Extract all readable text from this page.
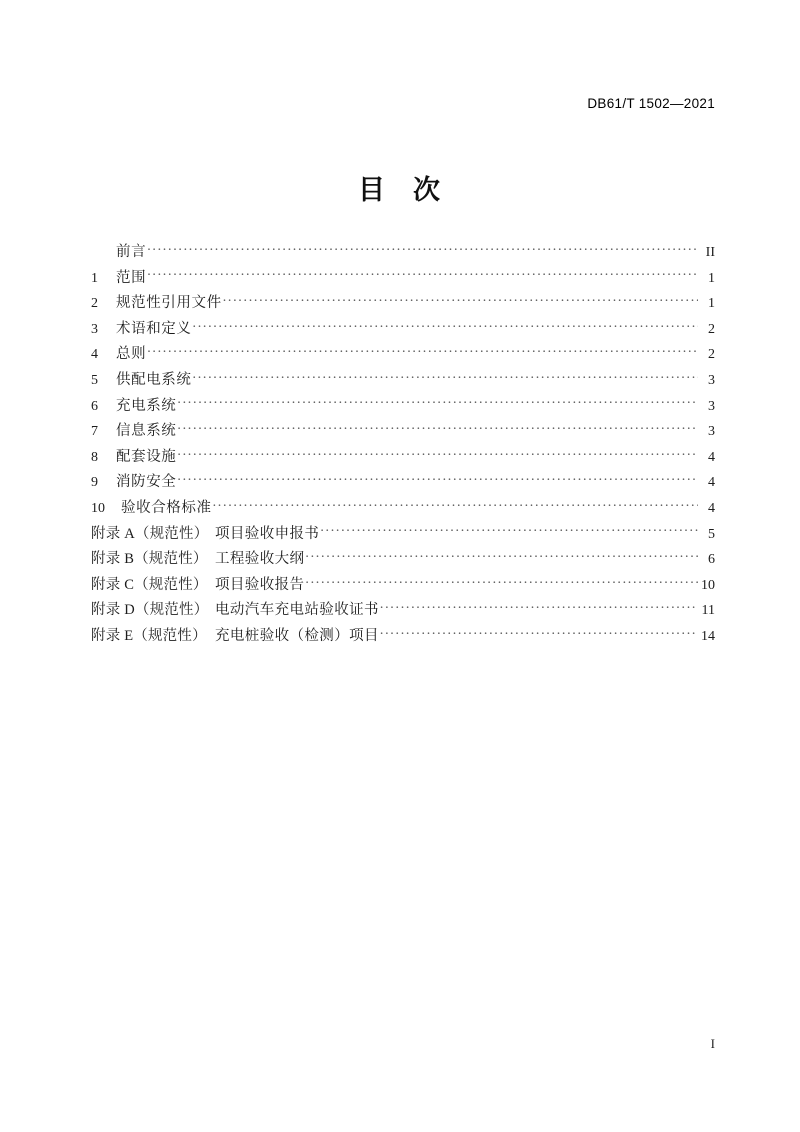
DB61/T 1502—2021
目 次
前言 .....	II
1	范围 .....	1
2	规范性引用文件 .....	1
3	术语和定义 .....	2
4	总则 .....	2
5	供配电系统 .....	3
6	充电系统 .....	3
7	信息系统 .....	3
8	配套设施 .....	4
9	消防安全 .....	4
10	验收合格标准 .....	4
附录 A（规范性） 项目验收申报书 .....	5
附录 B（规范性） 工程验收大纲 .....	6
附录 C（规范性） 项目验收报告 .....	10
附录 D（规范性） 电动汽车充电站验收证书 .....	11
附录 E（规范性） 充电桩验收（检测）项目 .....	14
I
